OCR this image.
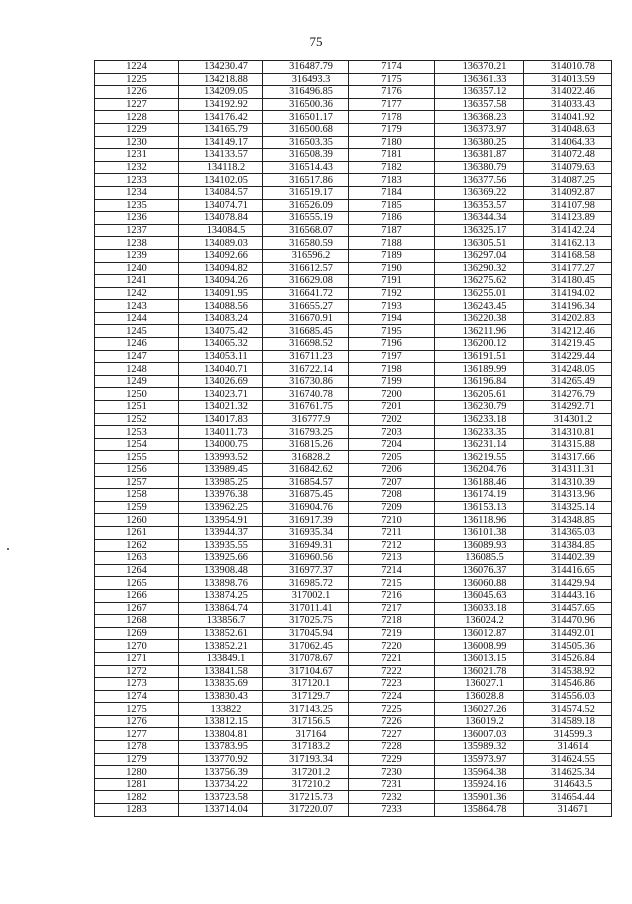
75
1224	134230.47	316487.79	7174	136370.21	314010.78
1225	134218.88	316493.3	7175	136361.33	314013.59
1226	134209.05	316496.85	7176	136357.12	314022.46
1227	134192.92	316500.36	7177	136357.58	314033.43
1228	134176.42	316501.17	7178	136368.23	314041.92
1229	134165.79	316500.68	7179	136373.97	314048.63
1230	134149.17	316503.35	7180	136380.25	314064.33
1231	134133.57	316508.39	7181	136381.87	314072.48
1232	134118.2	316514.43	7182	136380.79	314079.63
1233	134102.05	316517.86	7183	136377.56	314087.25
1234	134084.57	316519.17	7184	136369.22	314092.87
1235	134074.71	316526.09	7185	136353.57	314107.98
1236	134078.84	316555.19	7186	136344.34	314123.89
1237	134084.5	316568.07	7187	136325.17	314142.24
1238	134089.03	316580.59	7188	136305.51	314162.13
1239	134092.66	316596.2	7189	136297.04	314168.58
1240	134094.82	316612.57	7190	136290.32	314177.27
1241	134094.26	316629.08	7191	136275.62	314180.45
1242	134091.95	316641.72	7192	136255.01	314194.02
1243	134088.56	316655.27	7193	136243.45	314196.34
1244	134083.24	316670.91	7194	136220.38	314202.83
1245	134075.42	316685.45	7195	136211.96	314212.46
1246	134065.32	316698.52	7196	136200.12	314219.45
1247	134053.11	316711.23	7197	136191.51	314229.44
1248	134040.71	316722.14	7198	136189.99	314248.05
1249	134026.69	316730.86	7199	136196.84	314265.49
1250	134023.71	316740.78	7200	136205.61	314276.79
1251	134021.32	316761.75	7201	136230.79	314292.71
1252	134017.83	316777.9	7202	136233.18	314301.2
1253	134011.73	316793.25	7203	136233.35	314310.81
1254	134000.75	316815.26	7204	136231.14	314315.88
1255	133993.52	316828.2	7205	136219.55	314317.66
1256	133989.45	316842.62	7206	136204.76	314311.31
1257	133985.25	316854.57	7207	136188.46	314310.39
1258	133976.38	316875.45	7208	136174.19	314313.96
1259	133962.25	316904.76	7209	136153.13	314325.14
1260	133954.91	316917.39	7210	136118.96	314348.85
1261	133944.37	316935.34	7211	136101.38	314365.03
1262	133935.55	316949.31	7212	136089.93	314384.85
1263	133925.66	316960.56	7213	136085.5	314402.39
1264	133908.48	316977.37	7214	136076.37	314416.65
1265	133898.76	316985.72	7215	136060.88	314429.94
1266	133874.25	317002.1	7216	136045.63	314443.16
1267	133864.74	317011.41	7217	136033.18	314457.65
1268	133856.7	317025.75	7218	136024.2	314470.96
1269	133852.61	317045.94	7219	136012.87	314492.01
1270	133852.21	317062.45	7220	136008.99	314505.36
1271	133849.1	317078.67	7221	136013.15	314526.84
1272	133841.58	317104.67	7222	136021.78	314538.92
1273	133835.69	317120.1	7223	136027.1	314546.86
1274	133830.43	317129.7	7224	136028.8	314556.03
1275	133822	317143.25	7225	136027.26	314574.52
1276	133812.15	317156.5	7226	136019.2	314589.18
1277	133804.81	317164	7227	136007.03	314599.3
1278	133783.95	317183.2	7228	135989.32	314614
1279	133770.92	317193.34	7229	135973.97	314624.55
1280	133756.39	317201.2	7230	135964.38	314625.34
1281	133734.22	317210.2	7231	135924.16	314643.5
1282	133723.58	317215.73	7232	135901.36	314654.44
1283	133714.04	317220.07	7233	135864.78	314671
